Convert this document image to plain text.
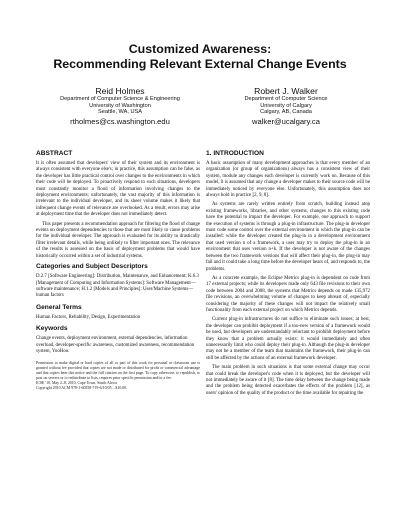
Customized Awareness:
Recommending Relevant External Change Events
Reid Holmes
Department of Computer Science & Engineering
University of Washington
Seattle, WA, USA
rtholmes@cs.washington.edu
Robert J. Walker
Department of Computer Science
University of Calgary
Calgary, AB, Canada
walker@ucalgary.ca
ABSTRACT

It is often assumed that developers' view of their system and its environment is always consistent with everyone else's; in practice, this assumption can be false, as the developer has little practical control over changes to the environments in which their code will be deployed. To proactively respond to such situations, developers must constantly monitor a flood of information involving changes to the deployment environments; unfortunately, the vast majority of this information is irrelevant to the individual developer, and its sheer volume makes it likely that infrequent change events of relevance are overlooked. As a result, errors may arise at deployment time that the developer does not immediately detect.

This paper presents a recommendation approach for filtering the flood of change events on deployment dependencies to those that are most likely to cause problems for the individual developer. The approach is evaluated for its ability to drastically filter irrelevant details, while being unlikely to filter important ones. The relevance of the results is assessed on the basis of deployment problems that would have historically occurred within a set of industrial systems.

Categories and Subject Descriptors

D.2.7 [Software Engineering]: Distribution, Maintenance, and Enhancement; K.6.3 [Management of Computing and Information Systems]: Software Management—software maintenance; H.1.2 [Models and Principles]: User/Machine Systems—human factors

General Terms

Human Factors, Reliability, Design, Experimentation

Keywords

Change events, deployment environment, external dependencies, information overload, developer-specific awareness, customized awareness, recommendation system, YooHoo.

Permission to make digital or hard copies of all or part of this work for personal or classroom use is granted without fee provided that copies are not made or distributed for profit or commercial advantage and that copies bear this notice and the full citation on the first page. To copy otherwise, to republish, to post on servers or to redistribute to lists, requires prior specific permission and/or a fee.
ICSE '10, May 2–8, 2010, Cape Town, South Africa
Copyright 2010 ACM 978-1-60558-719-6/10/05 ...$10.00.
1. INTRODUCTION

A basic assumption of many development approaches is that every member of an organization (or group of organizations) always has a consistent view of their system, module any changes each developer is currently work on. Because of this model, it is assumed that any change a developer makes to their source code will be immediately noticed by everyone else. Unfortunately, this assumption does not always hold in practice [2, 9, 8].

As systems are rarely written entirely from scratch, building instead atop existing frameworks, libraries, and other systems, changes to this existing code have the potential to impact the developer. For example, one approach to support the execution of systems is through a plug-in infrastructure. The plug-in developer must code some control over the external environment in which the plug-in can be installed: while the developer created the plug-in in a development environment that used version n of a framework, a user may try to deploy the plug-in in an environment that uses version n+k. If the developer is not aware of the changes between the two framework versions that will affect their plug-in, the plug-in may fail and it could take a long time before the developer hears of, and responds to, the problems.

As a concrete example, the Eclipse Metrics plug-in is dependent on code from 17 external projects; while its developers made only 643 file revisions to their own code between 2004 and 2008, the systems that Metrics depends on made 135,972 file revisions, an overwhelming volume of changes to keep abreast of, especially considering the majority of these changes will not impact the relatively small functionality from each external project on which Metrics depends.

Current plug-in infrastructures do not suffice to eliminate such issues; at best, the developer can prohibit deployment if a too-new version of a framework would be used, but developers are understandably reluctant to prohibit deployment before they know that a problem actually exists: it would immediately and often unnecessarily limit who could deploy their plug-in. Although the plug-in developer may not be a member of the team that maintains the framework, their plug-in can still be affected by the actions of an external framework developer.

The main problem in such situations is that some external change may occur that could break the developer's code when it is deployed, but the developer will not immediately be aware of it [8]. The time delay between the change being made and the problem being detected exacerbates the effects of the problem [12], as users' opinion of the quality of the product or the time available for repairing the
